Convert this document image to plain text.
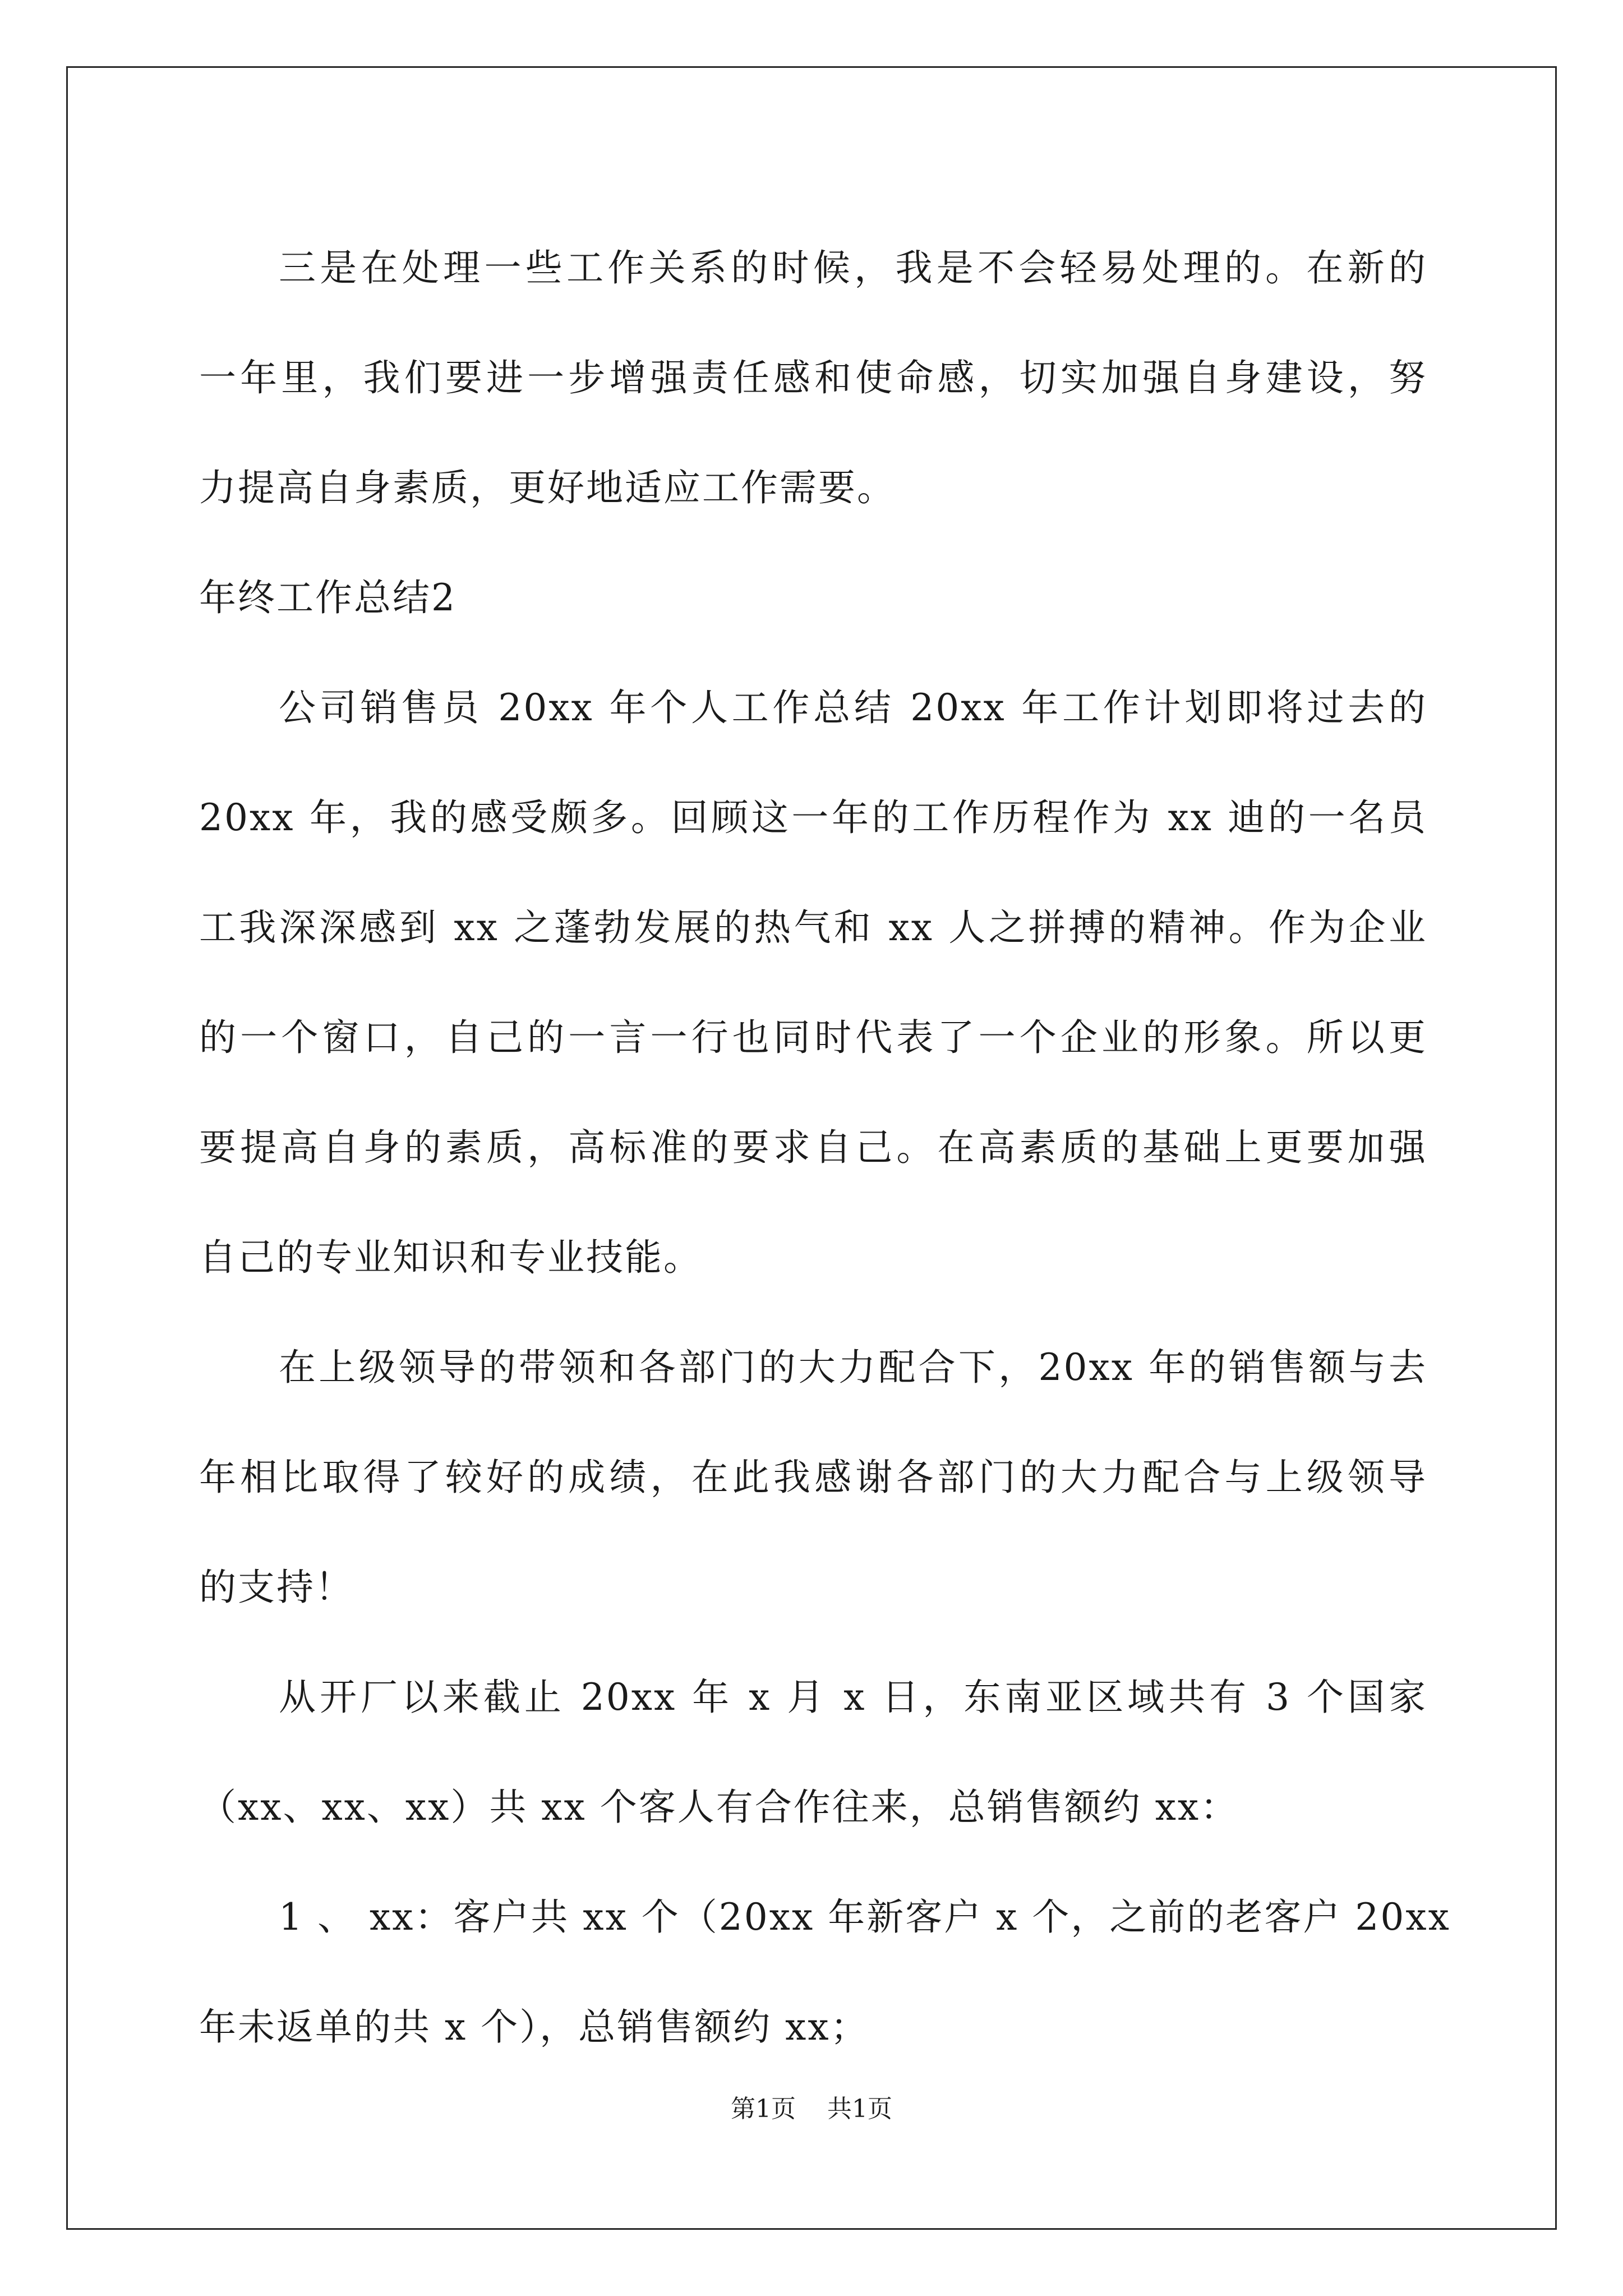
三是在处理一些工作关系的时候，我是不会轻易处理的。在新的
一年里，我们要进一步增强责任感和使命感，切实加强自身建设，努
力提高自身素质，更好地适应工作需要。

年终工作总结2

公司销售员 20xx 年个人工作总结 20xx 年工作计划即将过去的
20xx 年，我的感受颇多。回顾这一年的工作历程作为 xx 迪的一名员
工我深深感到 xx 之蓬勃发展的热气和 xx 人之拼搏的精神。作为企业
的一个窗口，自己的一言一行也同时代表了一个企业的形象。所以更
要提高自身的素质，高标准的要求自己。在高素质的基础上更要加强
自己的专业知识和专业技能。

在上级领导的带领和各部门的大力配合下，20xx 年的销售额与去
年相比取得了较好的成绩，在此我感谢各部门的大力配合与上级领导
的支持！

从开厂以来截止 20xx 年 x 月 x 日，东南亚区域共有 3 个国家
（xx、xx、xx）共 xx 个客人有合作往来，总销售额约 xx：

1 、 xx：客户共 xx 个（20xx 年新客户 x 个，之前的老客户 20xx
年未返单的共 x 个），总销售额约 xx；

第1页 共1页
